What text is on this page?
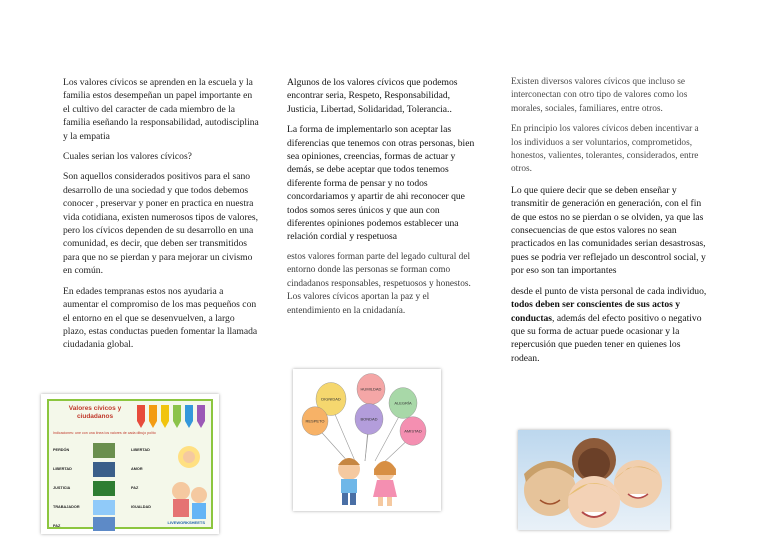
Los valores cívicos se aprenden en la escuela y la familia estos desempeñan un papel importante en el cultivo del caracter de cada miembro de la familia eseñando la responsabilidad, autodisciplina y la empatia

Cuales serian los valores cívicos?

Son aquellos considerados positivos para el sano desarrollo de una sociedad y que todos debemos conocer , preservar y poner en practica en nuestra vida cotidiana, existen numerosos tipos de valores, pero los cívicos dependen de su desarrollo en una comunidad, es decir, que deben ser transmitidos para que no se pierdan y para mejorar un civismo en común.

En edades tempranas estos nos ayudaria a aumentar el compromiso de los mas pequeños con el entorno en el que se desenvuelven, a largo plazo, estas conductas pueden fomentar la llamada ciudadania global.

Algunos de los valores cívicos que podemos encontrar seria, Respeto, Responsabilidad, Justicia, Libertad, Solidaridad, Tolerancia..

La forma de implementarlo son aceptar las diferencias que tenemos con otras personas, bien sea opiniones, creencias, formas de actuar y demás, se debe aceptar que todos tenemos diferente forma de pensar y no todos concordariamos y apartir de ahi reconocer que todos somos seres únicos y que aun con diferentes opiniones podemos establecer una relación cordial y respetuosa

estos valores forman parte del legado cultural del entorno donde las personas se forman como cindadanos responsables, respetuosos y honestos. Los valores cívicos aportan la paz y el entendimiento en la cnidadanía.

Existen diversos valores cívicos que incluso se interconectan con otro tipo de valores como los morales, sociales, familiares, entre otros.

En principio los valores cívicos deben incentivar a los individuos a ser voluntarios, comprometidos, honestos, valientes, tolerantes, considerados, entre otros.

Lo que quiere decir que se deben enseñar y transmitir de generación en generación, con el fin de que estos no se pierdan o se olviden, ya que las consecuencias de que estos valores no sean practicados en las comunidades serian desastrosas, pues se podria ver reflejado un descontrol social, y por eso son tan importantes

desde el punto de vista personal de cada individuo, todos deben ser conscientes de sus actos y conductas, además del efecto positivo o negativo que su forma de actuar puede ocasionar y la repercusión que pueden tener en quienes los rodean.

Valores cívicos y ciudadanos
Indicaciones: une con una línea los valores de cada dibujo polito
PERDÓN
LIBERTAD
JUSTICIA
TRABAJADOR
PAZ
LIBERTAD
AMOR
PAZ
IGUALDAD
LIVEWORKSHEETS
DIGNIDAD
HUMILDAD
ALEGRÍA
RESPETO	BONDAD
AMISTAD
